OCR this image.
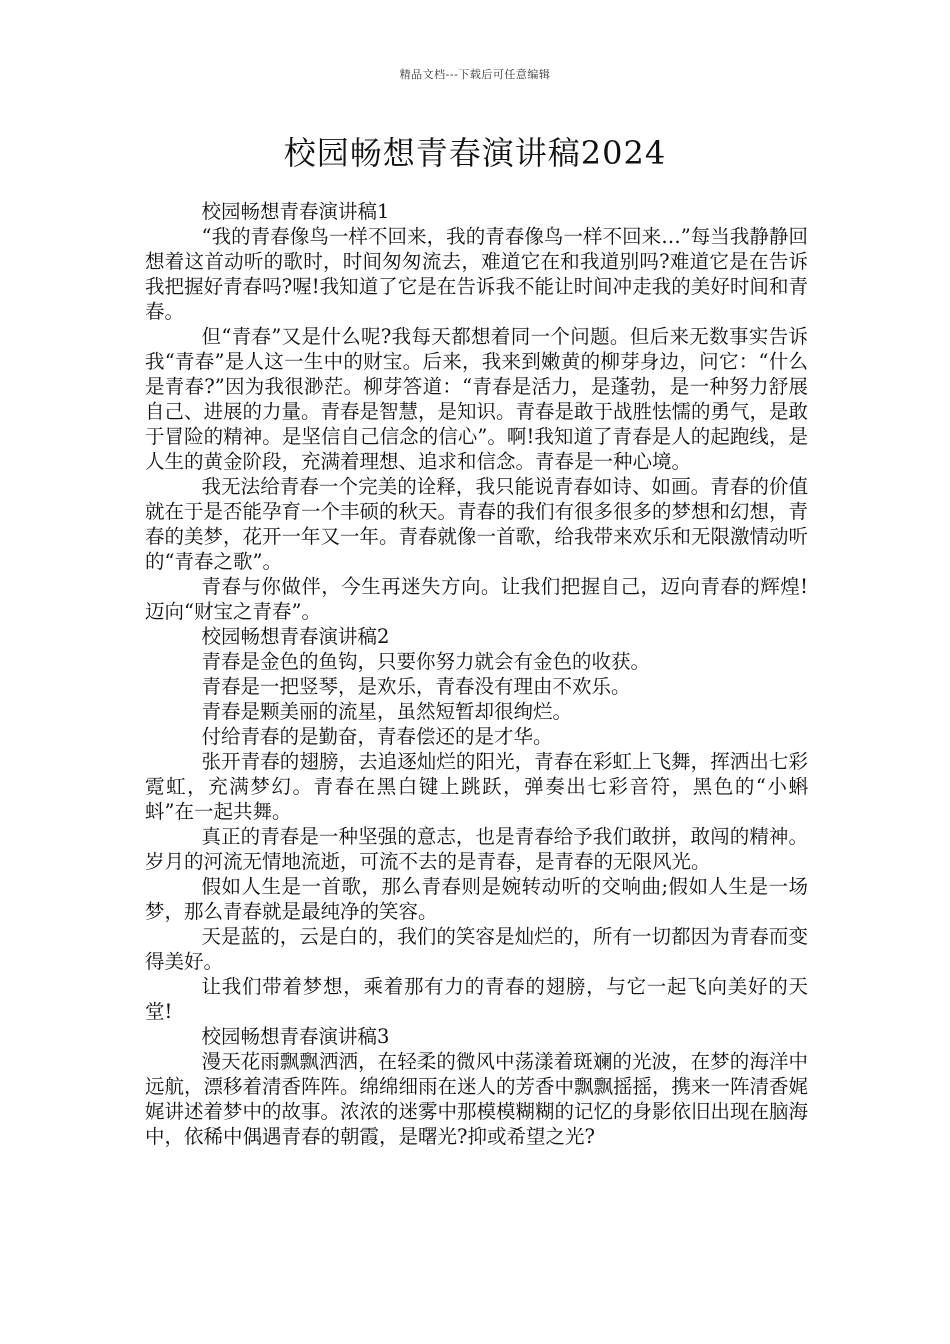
精品文档---下载后可任意编辑
校园畅想青春演讲稿2024

校园畅想青春演讲稿1

“我的青春像鸟一样不回来，我的青春像鸟一样不回来…”每当我静静回想着这首动听的歌时，时间匆匆流去，难道它在和我道别吗?难道它是在告诉我把握好青春吗?喔!我知道了它是在告诉我不能让时间冲走我的美好时间和青春。

但“青春”又是什么呢?我每天都想着同一个问题。但后来无数事实告诉我“青春”是人这一生中的财宝。后来，我来到嫩黄的柳芽身边，问它：“什么是青春?”因为我很渺茫。柳芽答道：“青春是活力，是蓬勃，是一种努力舒展自己、进展的力量。青春是智慧，是知识。青春是敢于战胜怯懦的勇气，是敢于冒险的精神。是坚信自己信念的信心”。啊!我知道了青春是人的起跑线，是人生的黄金阶段，充满着理想、追求和信念。青春是一种心境。

我无法给青春一个完美的诠释，我只能说青春如诗、如画。青春的价值就在于是否能孕育一个丰硕的秋天。青春的我们有很多很多的梦想和幻想，青春的美梦，花开一年又一年。青春就像一首歌，给我带来欢乐和无限激情动听的“青春之歌”。

青春与你做伴，今生再迷失方向。让我们把握自己，迈向青春的辉煌!迈向“财宝之青春”。

校园畅想青春演讲稿2

青春是金色的鱼钩，只要你努力就会有金色的收获。

青春是一把竖琴，是欢乐，青春没有理由不欢乐。

青春是颗美丽的流星，虽然短暂却很绚烂。

付给青春的是勤奋，青春偿还的是才华。

张开青春的翅膀，去追逐灿烂的阳光，青春在彩虹上飞舞，挥洒出七彩霓虹，充满梦幻。青春在黑白键上跳跃，弹奏出七彩音符，黑色的“小蝌蚪”在一起共舞。

真正的青春是一种坚强的意志，也是青春给予我们敢拼，敢闯的精神。岁月的河流无情地流逝，可流不去的是青春，是青春的无限风光。

假如人生是一首歌，那么青春则是婉转动听的交响曲;假如人生是一场梦，那么青春就是最纯净的笑容。

天是蓝的，云是白的，我们的笑容是灿烂的，所有一切都因为青春而变得美好。

让我们带着梦想，乘着那有力的青春的翅膀，与它一起飞向美好的天堂!

校园畅想青春演讲稿3

漫天花雨飘飘洒洒，在轻柔的微风中荡漾着斑斓的光波，在梦的海洋中远航，漂移着清香阵阵。绵绵细雨在迷人的芳香中飘飘摇摇，携来一阵清香娓娓讲述着梦中的故事。浓浓的迷雾中那模模糊糊的记忆的身影依旧出现在脑海中，依稀中偶遇青春的朝霞，是曙光?抑或希望之光?
